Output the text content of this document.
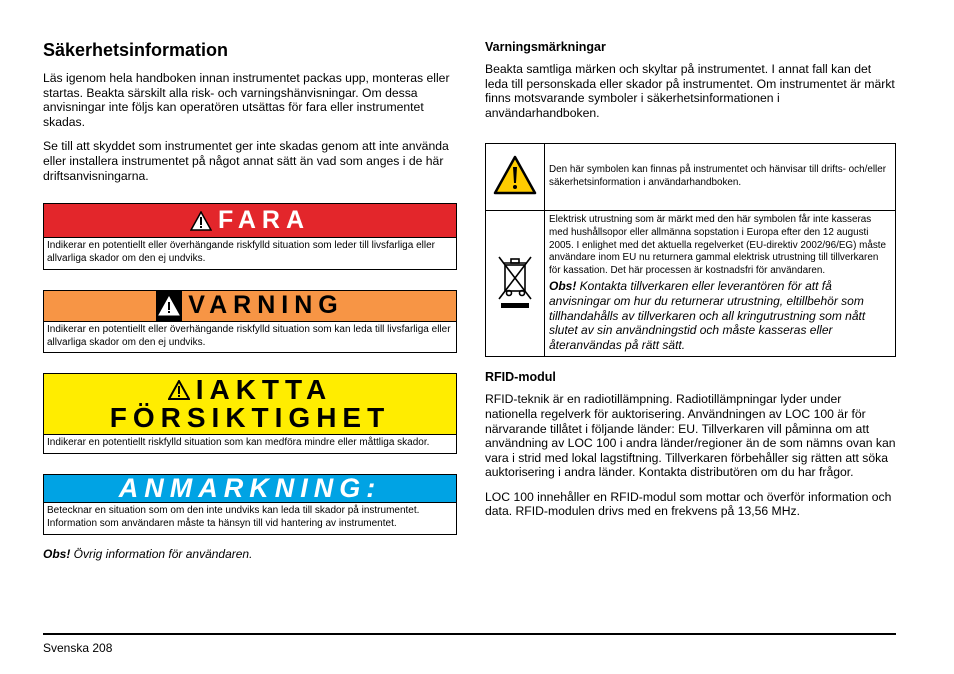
Säkerhetsinformation

Läs igenom hela handboken innan instrumentet packas upp, monteras eller startas. Beakta särskilt alla risk- och varningshänvisningar. Om dessa anvisningar inte följs kan operatören utsättas för fara eller instrumentet skadas.

Se till att skyddet som instrumentet ger inte skadas genom att inte använda eller installera instrumentet på något annat sätt än vad som anges i de här driftsanvisningarna.

FARA
Indikerar en potentiellt eller överhängande riskfylld situation som leder till livsfarliga eller allvarliga skador om den ej undviks.
VARNING
Indikerar en potentiellt eller överhängande riskfylld situation som kan leda till livsfarliga eller allvarliga skador om den ej undviks.
IAKTTA
FÖRSIKTIGHET
Indikerar en potentiellt riskfylld situation som kan medföra mindre eller måttliga skador.
ANMARKNING:
Betecknar en situation som om den inte undviks kan leda till skador på instrumentet. Information som användaren måste ta hänsyn till vid hantering av instrumentet.
Obs! Övrig information för användaren.
Varningsmärkningar

Beakta samtliga märken och skyltar på instrumentet. I annat fall kan det leda till personskada eller skador på instrumentet. Om instrumentet är märkt finns motsvarande symboler i säkerhetsinformationen i användarhandboken.

	Den här symbolen kan finnas på instrumentet och hänvisar till drifts- och/eller säkerhetsinformation i användarhandboken.

Elektrisk utrustning som är märkt med den här symbolen får inte kasseras med hushållsopor eller allmänna sopstation i Europa efter den 12 augusti 2005. I enlighet med det aktuella regelverket (EU-direktiv 2002/96/EG) måste användare inom EU nu returnera gammal elektrisk utrustning till tillverkaren för kassation. Det här processen är kostnadsfri för användaren.
Obs! Kontakta tillverkaren eller leverantören för att få anvisningar om hur du returnerar utrustning, eltillbehör som tillhandahålls av tillverkaren och all kringutrustning som nått slutet av sin användningstid och måste kasseras eller återanvändas på rätt sätt.
RFID-modul

RFID-teknik är en radiotillämpning. Radiotillämpningar lyder under nationella regelverk för auktorisering. Användningen av LOC 100 är för närvarande tillåtet i följande länder: EU. Tillverkaren vill påminna om att användning av LOC 100 i andra länder/regioner än de som nämns ovan kan vara i strid med lokal lagstiftning. Tillverkaren förbehåller sig rätten att söka auktorisering i andra länder. Kontakta distributören om du har frågor.

LOC 100 innehåller en RFID-modul som mottar och överför information och data. RFID-modulen drivs med en frekvens på 13,56 MHz.

Svenska 208
